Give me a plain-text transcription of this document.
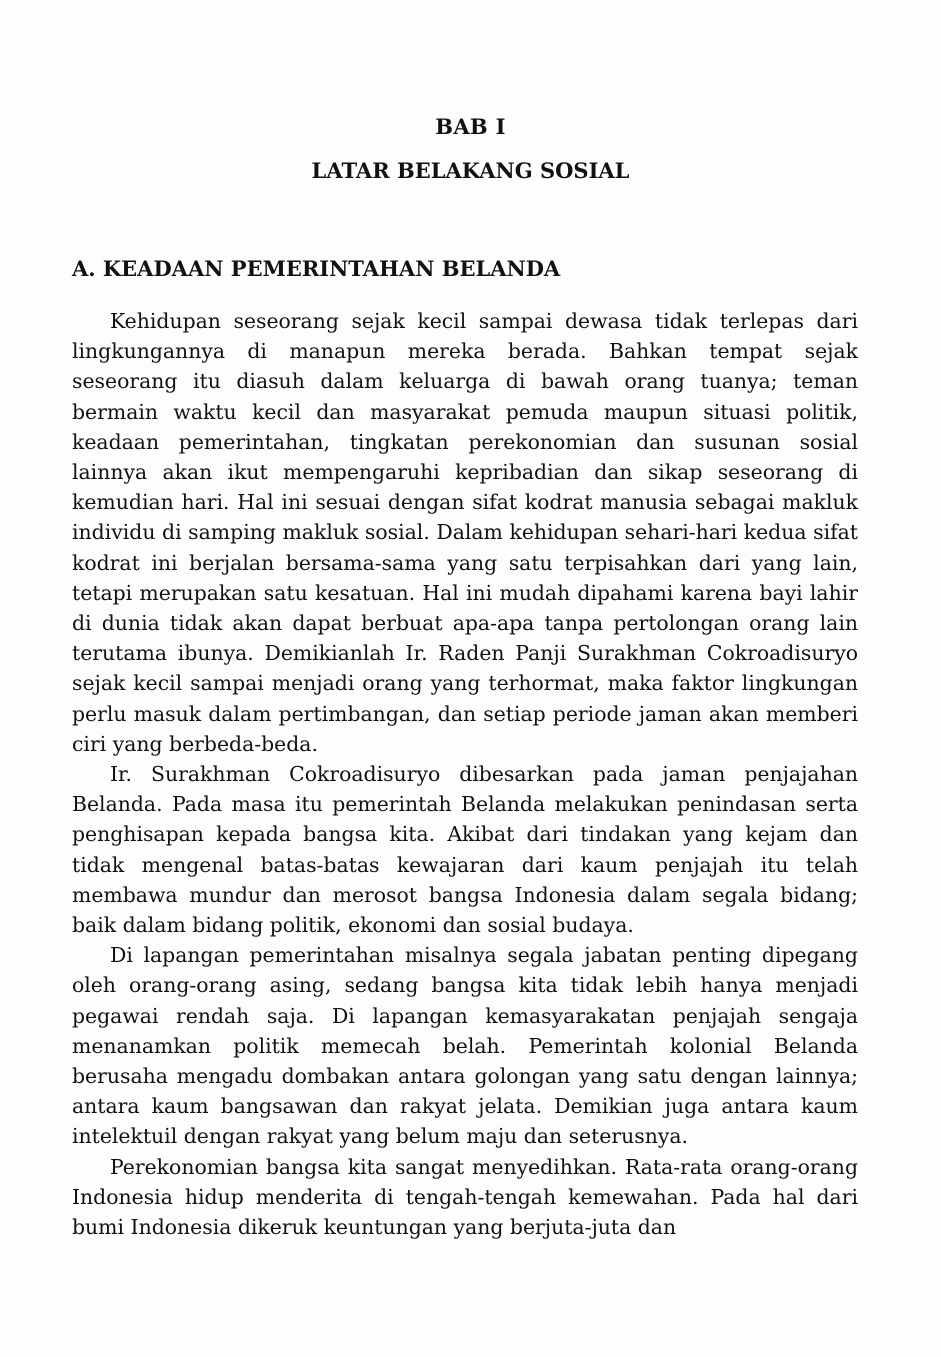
BAB I
LATAR BELAKANG SOSIAL
A. KEADAAN PEMERINTAHAN BELANDA

Kehidupan seseorang sejak kecil sampai dewasa tidak terlepas dari lingkungannya di manapun mereka berada. Bahkan tempat sejak seseorang itu diasuh dalam keluarga di bawah orang tuanya; teman bermain waktu kecil dan masyarakat pemuda maupun situasi politik, keadaan pemerintahan, tingkatan perekonomian dan susunan sosial lainnya akan ikut mempengaruhi kepribadian dan sikap seseorang di kemudian hari. Hal ini sesuai dengan sifat kodrat manusia sebagai makluk individu di samping makluk sosial. Dalam kehidupan sehari-hari kedua sifat kodrat ini berjalan bersama-sama yang satu terpisahkan dari yang lain, tetapi merupakan satu kesatuan. Hal ini mudah dipahami karena bayi lahir di dunia tidak akan dapat berbuat apa-apa tanpa pertolongan orang lain terutama ibunya. Demikianlah Ir. Raden Panji Surakhman Cokroadisuryo sejak kecil sampai menjadi orang yang terhormat, maka faktor lingkungan perlu masuk dalam pertimbangan, dan setiap periode jaman akan memberi ciri yang berbeda-beda.

Ir. Surakhman Cokroadisuryo dibesarkan pada jaman penjajahan Belanda. Pada masa itu pemerintah Belanda melakukan penindasan serta penghisapan kepada bangsa kita. Akibat dari tindakan yang kejam dan tidak mengenal batas-batas kewajaran dari kaum penjajah itu telah membawa mundur dan merosot bangsa Indonesia dalam segala bidang; baik dalam bidang politik, ekonomi dan sosial budaya.

Di lapangan pemerintahan misalnya segala jabatan penting dipegang oleh orang-orang asing, sedang bangsa kita tidak lebih hanya menjadi pegawai rendah saja. Di lapangan kemasyarakatan penjajah sengaja menanamkan politik memecah belah. Pemerintah kolonial Belanda berusaha mengadu dombakan antara golongan yang satu dengan lainnya; antara kaum bangsawan dan rakyat jelata. Demikian juga antara kaum intelektuil dengan rakyat yang belum maju dan seterusnya.

Perekonomian bangsa kita sangat menyedihkan. Rata-rata orang-orang Indonesia hidup menderita di tengah-tengah kemewahan. Pada hal dari bumi Indonesia dikeruk keuntungan yang berjuta-juta dan
